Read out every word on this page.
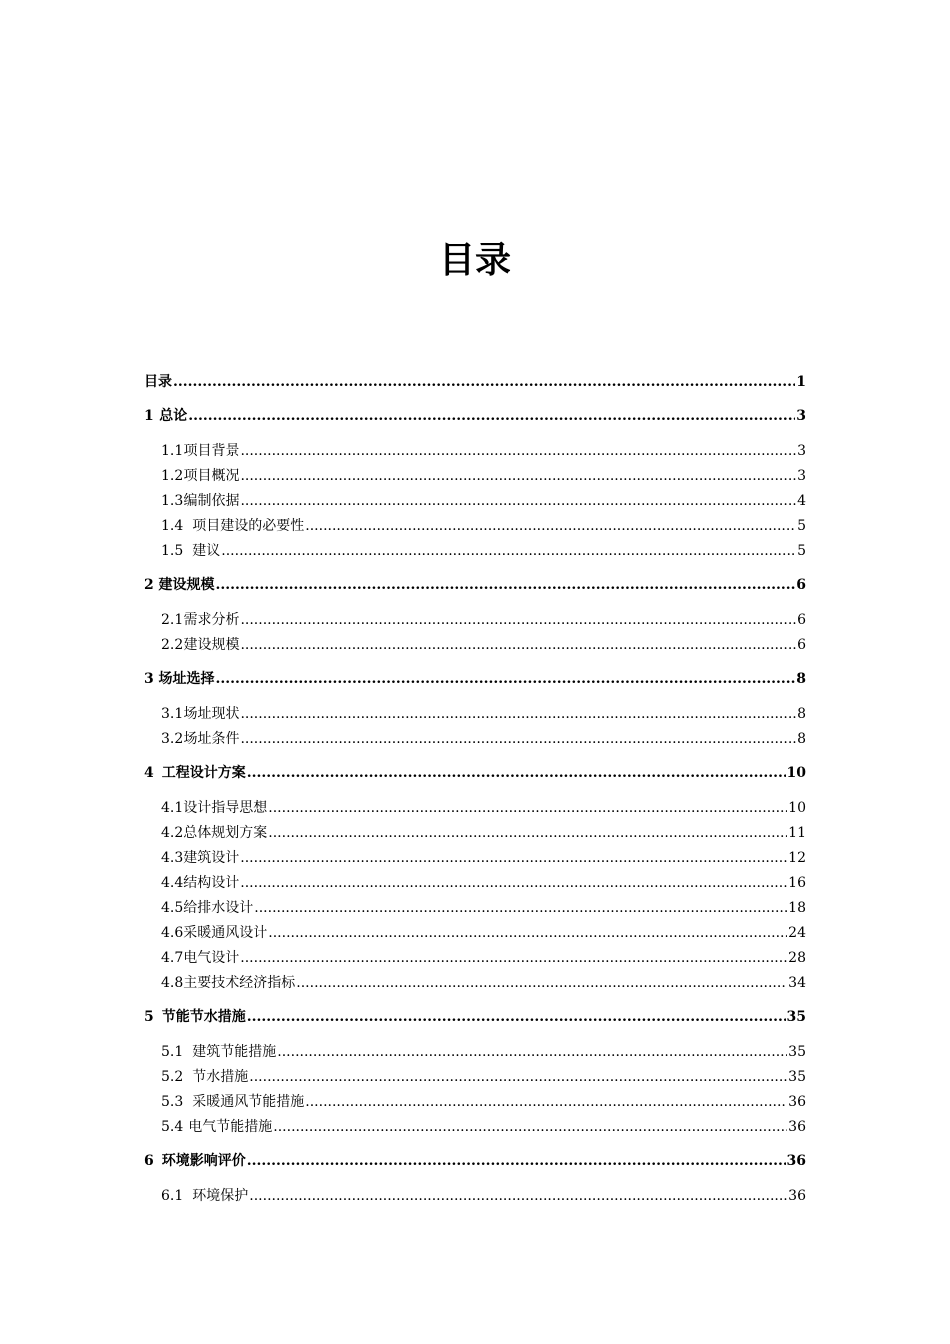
目录
目录 .....	1
1 总论 .....	3
1.1 项目背景 .....	3
1.2 项目概况 .....	3
1.3 编制依据 .....	4
1.4 项目建设的必要性 .....	5
1.5 建议 .....	5
2 建设规模 .....	6
2.1 需求分析 .....	6
2.2 建设规模 .....	6
3 场址选择 .....	8
3.1 场址现状 .....	8
3.2 场址条件 .....	8
4 工程设计方案 .....	10
4.1 设计指导思想 .....	10
4.2 总体规划方案 .....	11
4.3 建筑设计 .....	12
4.4 结构设计 .....	16
4.5 给排水设计 .....	18
4.6 采暖通风设计 .....	24
4.7 电气设计 .....	28
4.8 主要技术经济指标 .....	34
5 节能节水措施 .....	35
5.1 建筑节能措施 .....	35
5.2 节水措施 .....	35
5.3 采暖通风节能措施 .....	36
5.4 电气节能措施 .....	36
6 环境影响评价 .....	36
6.1 环境保护 .....	36
